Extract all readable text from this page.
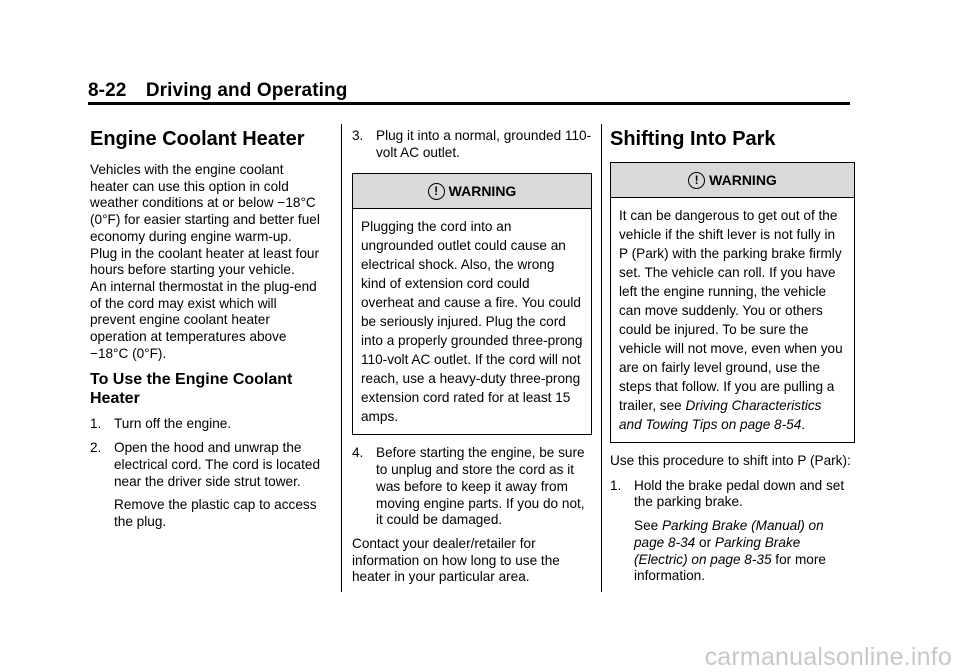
8-22 Driving and Operating
Engine Coolant Heater

Vehicles with the engine coolant heater can use this option in cold weather conditions at or below −18°C (0°F) for easier starting and better fuel economy during engine warm-up. Plug in the coolant heater at least four hours before starting your vehicle.

An internal thermostat in the plug-end of the cord may exist which will prevent engine coolant heater operation at temperatures above −18°C (0°F).

To Use the Engine Coolant Heater
1. Turn off the engine.
2. Open the hood and unwrap the electrical cord. The cord is located near the driver side strut tower.

Remove the plastic cap to access the plug.

3. Plug it into a normal, grounded 110-volt AC outlet.
! WARNING

Plugging the cord into an ungrounded outlet could cause an electrical shock. Also, the wrong kind of extension cord could overheat and cause a fire. You could be seriously injured. Plug the cord into a properly grounded three-prong 110-volt AC outlet. If the cord will not reach, use a heavy-duty three-prong extension cord rated for at least 15 amps.

4. Before starting the engine, be sure to unplug and store the cord as it was before to keep it away from moving engine parts. If you do not, it could be damaged.

Contact your dealer/retailer for information on how long to use the heater in your particular area.

Shifting Into Park
! WARNING

It can be dangerous to get out of the vehicle if the shift lever is not fully in P (Park) with the parking brake firmly set. The vehicle can roll. If you have left the engine running, the vehicle can move suddenly. You or others could be injured. To be sure the vehicle will not move, even when you are on fairly level ground, use the steps that follow. If you are pulling a trailer, see Driving Characteristics and Towing Tips on page 8-54.

Use this procedure to shift into P (Park):

1. Hold the brake pedal down and set the parking brake.

See Parking Brake (Manual) on page 8-34 or Parking Brake (Electric) on page 8-35 for more information.

carmanualsonline.info
